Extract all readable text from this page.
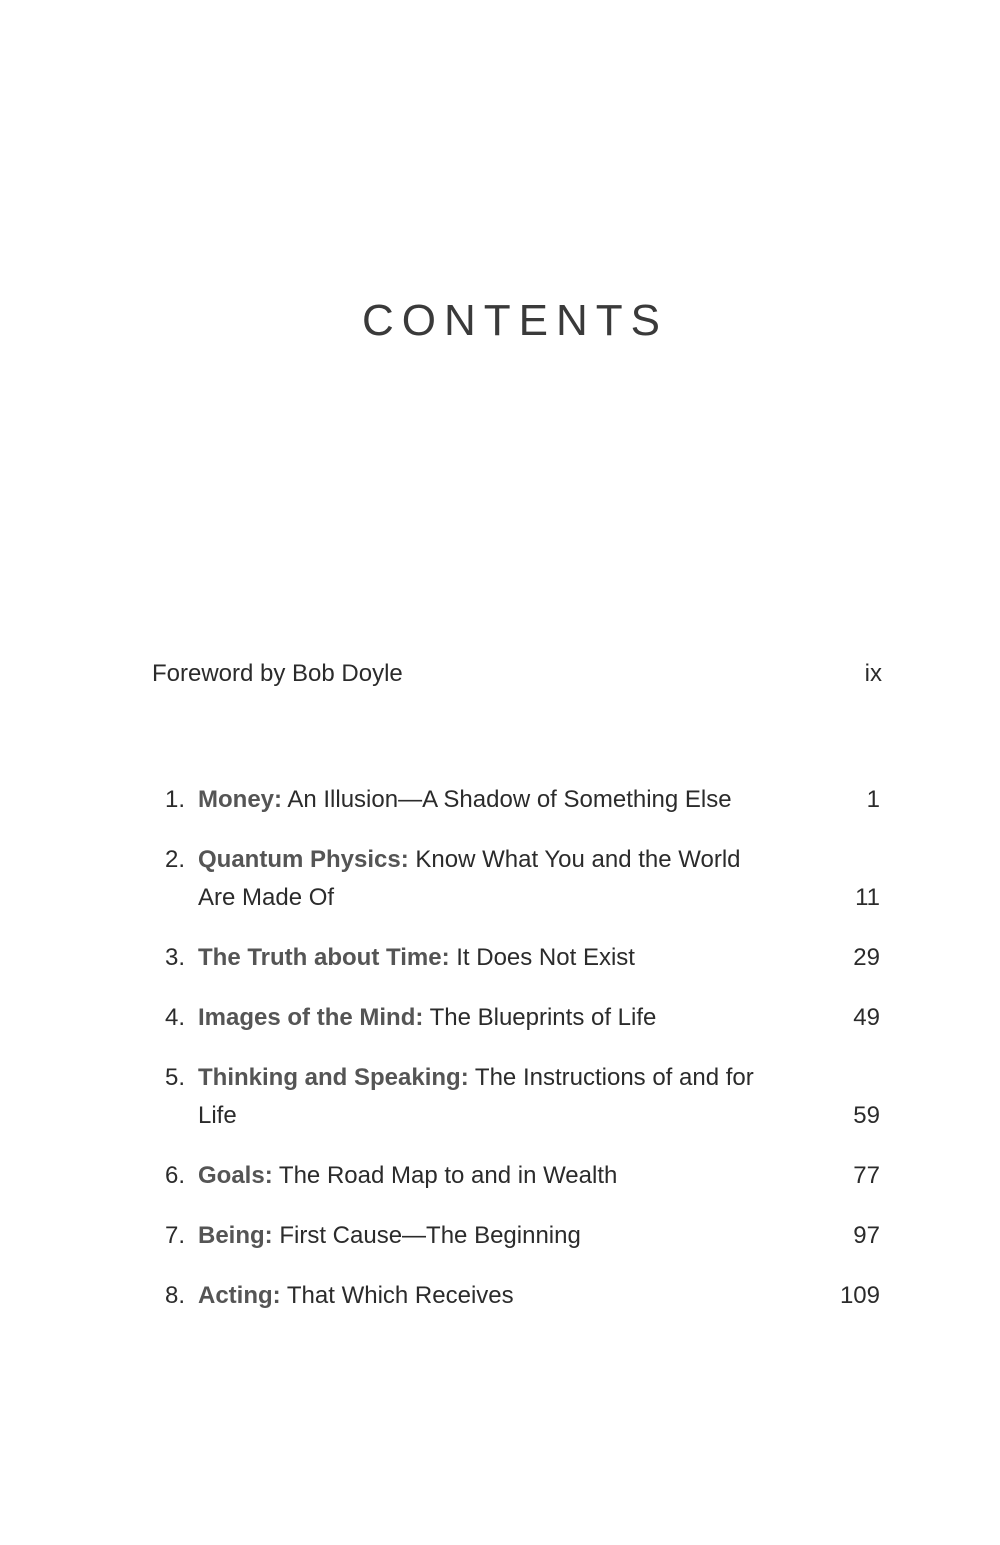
CONTENTS
Foreword by Bob Doyle	ix
1. Money: An Illusion—A Shadow of Something Else	1
2. Quantum Physics: Know What You and the World Are Made Of	11
3. The Truth about Time: It Does Not Exist	29
4. Images of the Mind: The Blueprints of Life	49
5. Thinking and Speaking: The Instructions of and for Life	59
6. Goals: The Road Map to and in Wealth	77
7. Being: First Cause—The Beginning	97
8. Acting: That Which Receives	109
